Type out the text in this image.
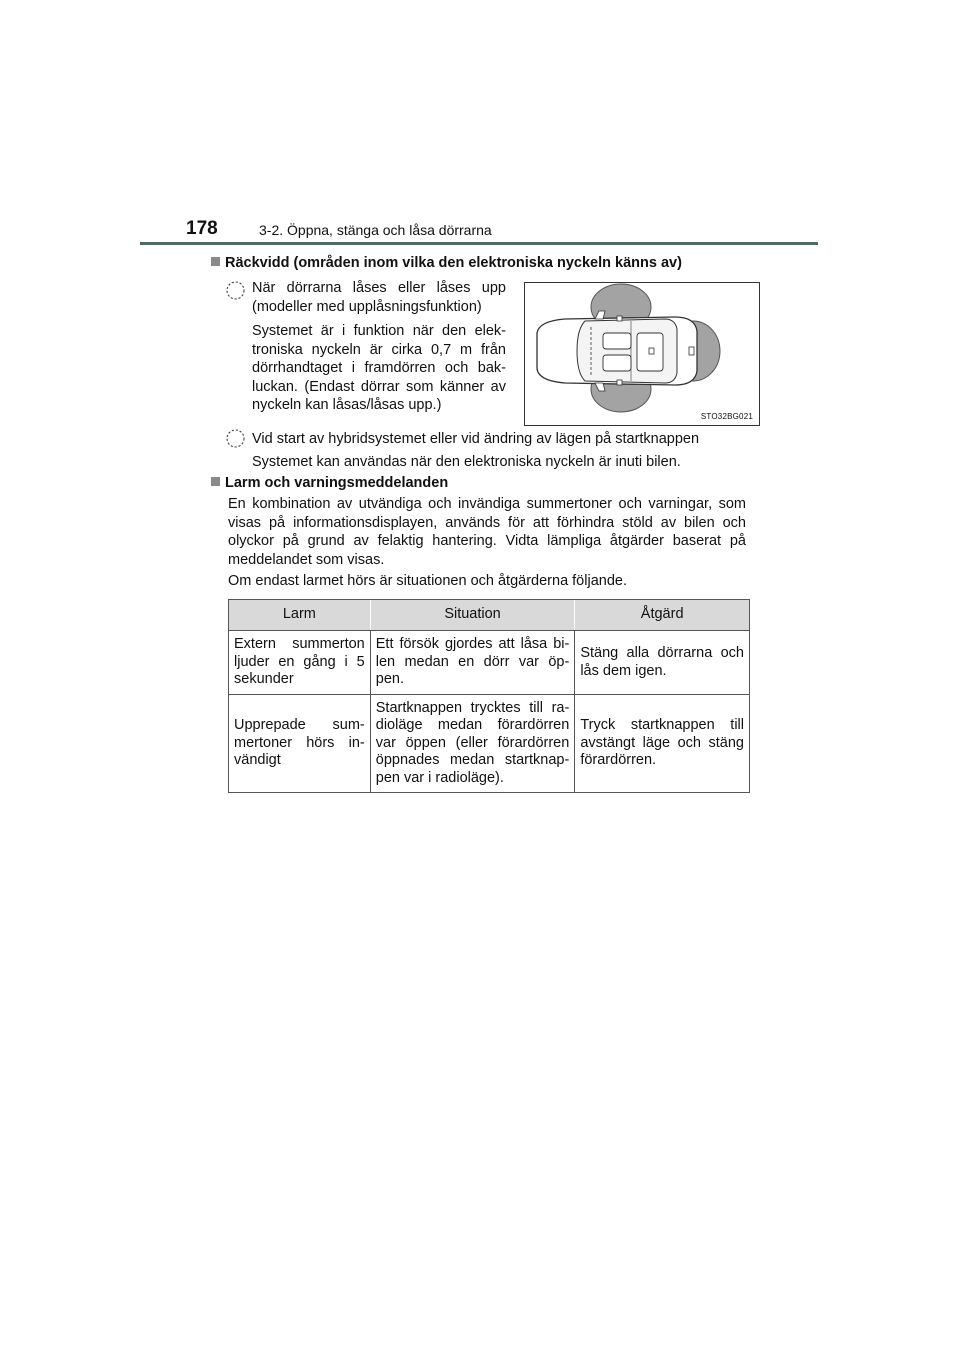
178	3-2. Öppna, stänga och låsa dörrarna
Räckvidd (områden inom vilka den elektroniska nyckeln känns av)
När dörrarna låses eller låses upp (modeller med upplåsningsfunktion)
Systemet är i funktion när den elek-troniska nyckeln är cirka 0,7 m från dörrhandtaget i framdörren och bak-luckan. (Endast dörrar som känner av nyckeln kan låsas/låsas upp.)
STO32BG021
Vid start av hybridsystemet eller vid ändring av lägen på startknappen
Systemet kan användas när den elektroniska nyckeln är inuti bilen.
Larm och varningsmeddelanden
En kombination av utvändiga och invändiga summertoner och varningar, som visas på informationsdisplayen, används för att förhindra stöld av bilen och olyckor på grund av felaktig hantering. Vidta lämpliga åtgärder baserat på meddelandet som visas.
Om endast larmet hörs är situationen och åtgärderna följande.
Larm	Situation	Åtgärd
Extern summerton ljuder en gång i 5 sekunder	Ett försök gjordes att låsa bi-len medan en dörr var öp-pen.	Stäng alla dörrarna och lås dem igen.
Upprepade sum-mertoner hörs in-vändigt	Startknappen trycktes till ra-dioläge medan förardörren var öppen (eller förardörren öppnades medan startknap-pen var i radioläge).	Tryck startknappen till avstängt läge och stäng förardörren.
